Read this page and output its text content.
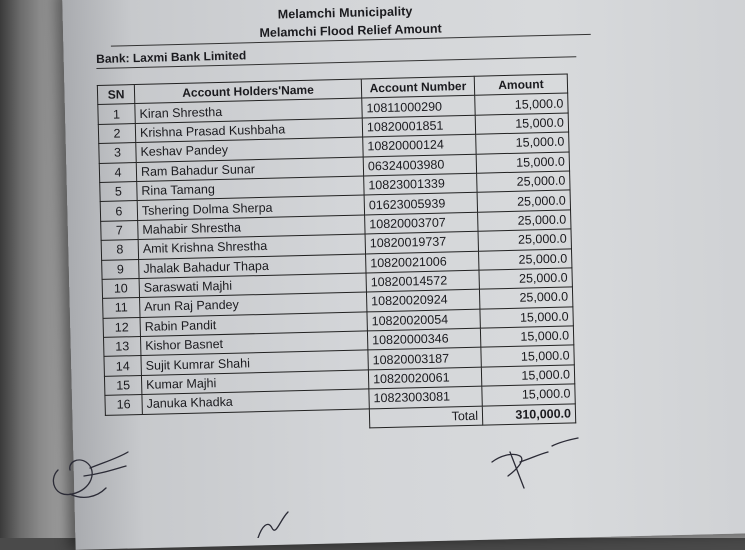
Melamchi Municipality
Melamchi Flood Relief Amount
Bank: Laxmi Bank Limited
SN	Account Holders'Name	Account Number	Amount
1	Kiran Shrestha	10811000290	15,000.0
2	Krishna Prasad Kushbaha	10820001851	15,000.0
3	Keshav Pandey	10820000124	15,000.0
4	Ram Bahadur Sunar	06324003980	15,000.0
5	Rina Tamang	10823001339	25,000.0
6	Tshering Dolma Sherpa	01623005939	25,000.0
7	Mahabir Shrestha	10820003707	25,000.0
8	Amit Krishna Shrestha	10820019737	25,000.0
9	Jhalak Bahadur Thapa	10820021006	25,000.0
10	Saraswati Majhi	10820014572	25,000.0
11	Arun Raj Pandey	10820020924	25,000.0
12	Rabin Pandit	10820020054	15,000.0
13	Kishor Basnet	10820000346	15,000.0
14	Sujit Kumrar Shahi	10820003187	15,000.0
15	Kumar Majhi	10820020061	15,000.0
16	Januka Khadka	10823003081	15,000.0
		Total	310,000.0
